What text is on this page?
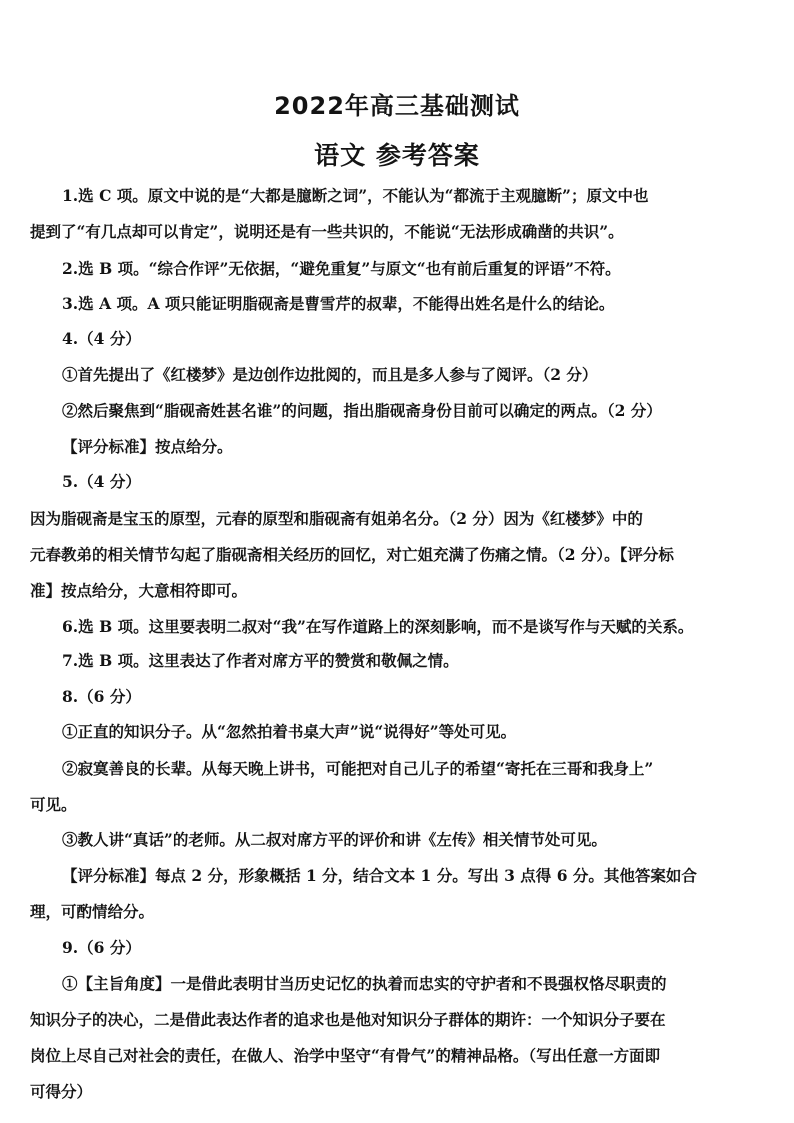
2022年高三基础测试
语文 参考答案
1.选 C 项。原文中说的是“大都是臆断之词”，不能认为“都流于主观臆断”；原文中也
提到了“有几点却可以肯定”，说明还是有一些共识的，不能说“无法形成确凿的共识”。
2.选 B 项。“综合作评”无依据，“避免重复”与原文“也有前后重复的评语”不符。
3.选 A 项。A 项只能证明脂砚斋是曹雪芹的叔辈，不能得出姓名是什么的结论。
4.（4 分）
①首先提出了《红楼梦》是边创作边批阅的，而且是多人参与了阅评。（2 分）
②然后聚焦到“脂砚斋姓甚名谁”的问题，指出脂砚斋身份目前可以确定的两点。（2 分）
【评分标准】按点给分。
5.（4 分）
因为脂砚斋是宝玉的原型，元春的原型和脂砚斋有姐弟名分。（2 分）因为《红楼梦》中的
元春教弟的相关情节勾起了脂砚斋相关经历的回忆，对亡姐充满了伤痛之情。（2 分）。【评分标
准】按点给分，大意相符即可。
6.选 B 项。这里要表明二叔对“我”在写作道路上的深刻影响，而不是谈写作与天赋的关系。
7.选 B 项。这里表达了作者对席方平的赞赏和敬佩之情。
8.（6 分）
①正直的知识分子。从“忽然拍着书桌大声”说“说得好”等处可见。
②寂寞善良的长辈。从每天晚上讲书，可能把对自己儿子的希望“寄托在三哥和我身上”
可见。
③教人讲“真话”的老师。从二叔对席方平的评价和讲《左传》相关情节处可见。
【评分标准】每点 2 分，形象概括 1 分，结合文本 1 分。写出 3 点得 6 分。其他答案如合
理，可酌情给分。
9.（6 分）
①【主旨角度】一是借此表明甘当历史记忆的执着而忠实的守护者和不畏强权恪尽职责的
知识分子的决心，二是借此表达作者的追求也是他对知识分子群体的期许：一个知识分子要在
岗位上尽自己对社会的责任，在做人、治学中坚守“有骨气”的精神品格。（写出任意一方面即
可得分）
